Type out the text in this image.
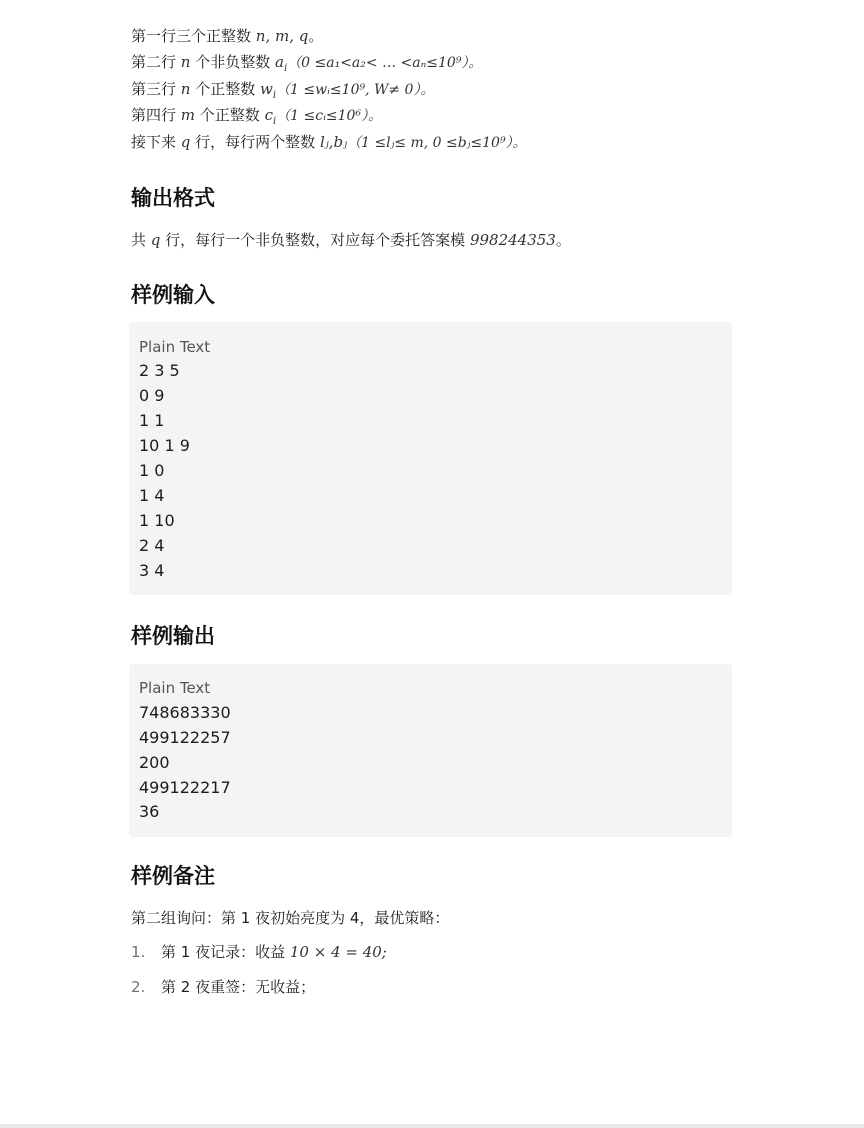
第一行三个正整数 n, m, q。
第二行 n 个非负整数 $a_i(0 \le a_1<a_2<$ … <aₙ≤10⁹）。
第三行 n 个正整数 $w_i(1$ ≤wᵢ≤10⁹, W≠ 0）。
第四行 m 个正整数 $c_i(1$ ≤cᵢ≤10⁶）。
接下来 q 行，每行两个整数 lⱼ,bⱼ（1 ≤lⱼ≤ m, 0 ≤bⱼ≤10⁹）。
输出格式
共 q 行，每行一个非负整数，对应每个委托答案模 998244353。
样例输入
Plain Text
2 3 5
0 9
1 1
10 1 9
1 0
1 4
1 10
2 4
3 4
样例输出
Plain Text
748683330
499122257
200
499122217
36
样例备注
第二组询问：第 1 夜初始亮度为 4，最优策略：
1. 第 1 夜记录：收益 10 × 4 = 40;
2. 第 2 夜重签：无收益；
